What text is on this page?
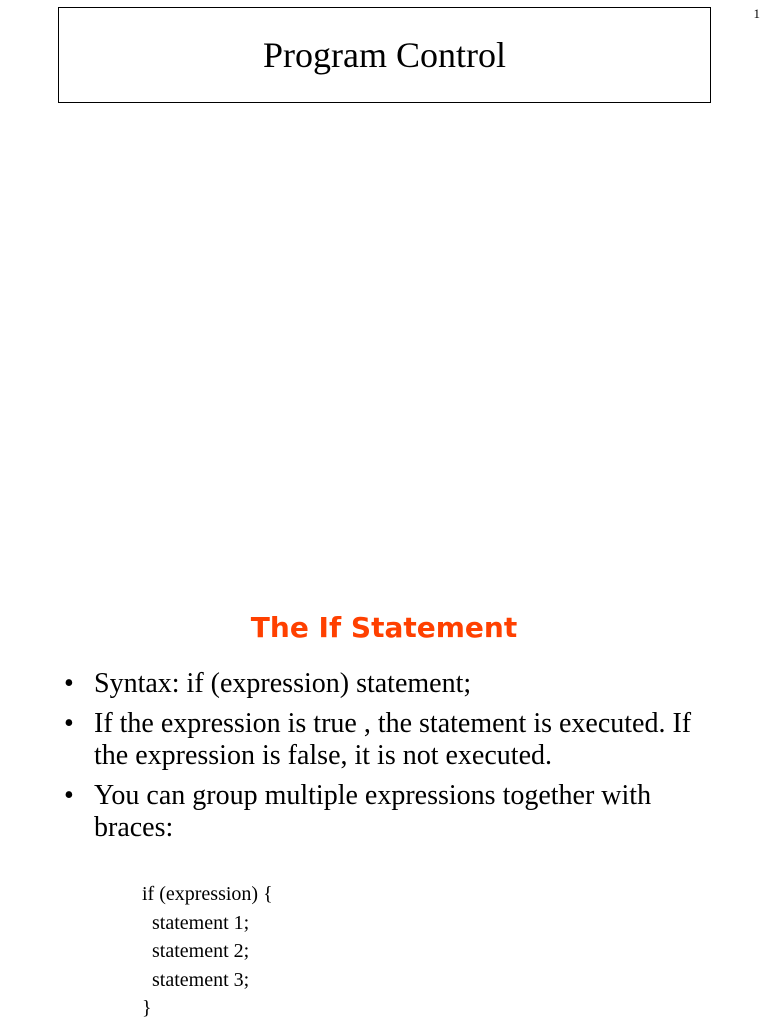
1
Program Control
The If Statement
• Syntax: if (expression) statement;
• If the expression is true , the statement is executed. If the expression is false, it is not executed.
• You can group multiple expressions together with braces:
if (expression) {
statement 1;
statement 2;
statement 3;
}
